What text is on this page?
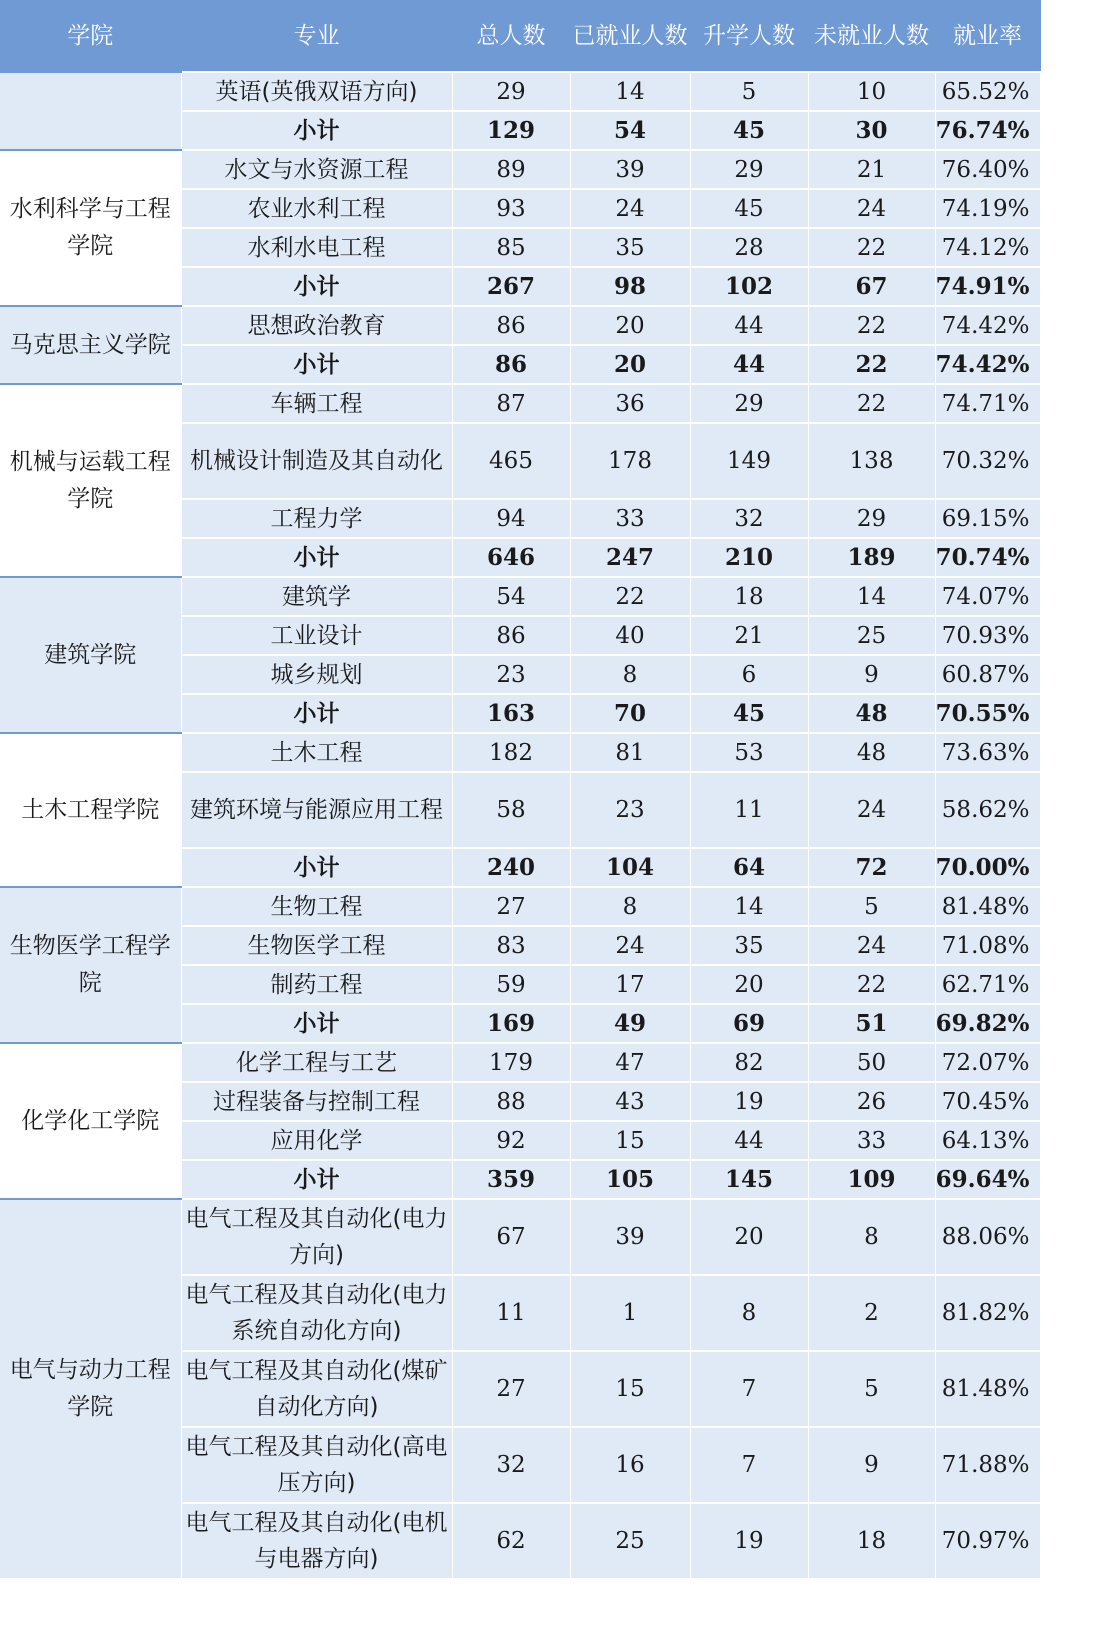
学院	专业	总人数	已就业人数	升学人数	未就业人数	就业率
	英语(英俄双语方向)	29	14	5	10	65.52%
	小计	129	54	45	30	76.74%
水利科学与工程学院	水文与水资源工程	89	39	29	21	76.40%
	农业水利工程	93	24	45	24	74.19%
	水利水电工程	85	35	28	22	74.12%
	小计	267	98	102	67	74.91%
马克思主义学院	思想政治教育	86	20	44	22	74.42%
	小计	86	20	44	22	74.42%
机械与运载工程学院	车辆工程	87	36	29	22	74.71%
	机械设计制造及其自动化	465	178	149	138	70.32%
	工程力学	94	33	32	29	69.15%
	小计	646	247	210	189	70.74%
建筑学院	建筑学	54	22	18	14	74.07%
	工业设计	86	40	21	25	70.93%
	城乡规划	23	8	6	9	60.87%
	小计	163	70	45	48	70.55%
土木工程学院	土木工程	182	81	53	48	73.63%
	建筑环境与能源应用工程	58	23	11	24	58.62%
	小计	240	104	64	72	70.00%
生物医学工程学院	生物工程	27	8	14	5	81.48%
	生物医学工程	83	24	35	24	71.08%
	制药工程	59	17	20	22	62.71%
	小计	169	49	69	51	69.82%
化学化工学院	化学工程与工艺	179	47	82	50	72.07%
	过程装备与控制工程	88	43	19	26	70.45%
	应用化学	92	15	44	33	64.13%
	小计	359	105	145	109	69.64%
电气与动力工程学院	电气工程及其自动化(电力方向)	67	39	20	8	88.06%
	电气工程及其自动化(电力系统自动化方向)	11	1	8	2	81.82%
	电气工程及其自动化(煤矿自动化方向)	27	15	7	5	81.48%
	电气工程及其自动化(高电压方向)	32	16	7	9	71.88%
	电气工程及其自动化(电机与电器方向)	62	25	19	18	70.97%
